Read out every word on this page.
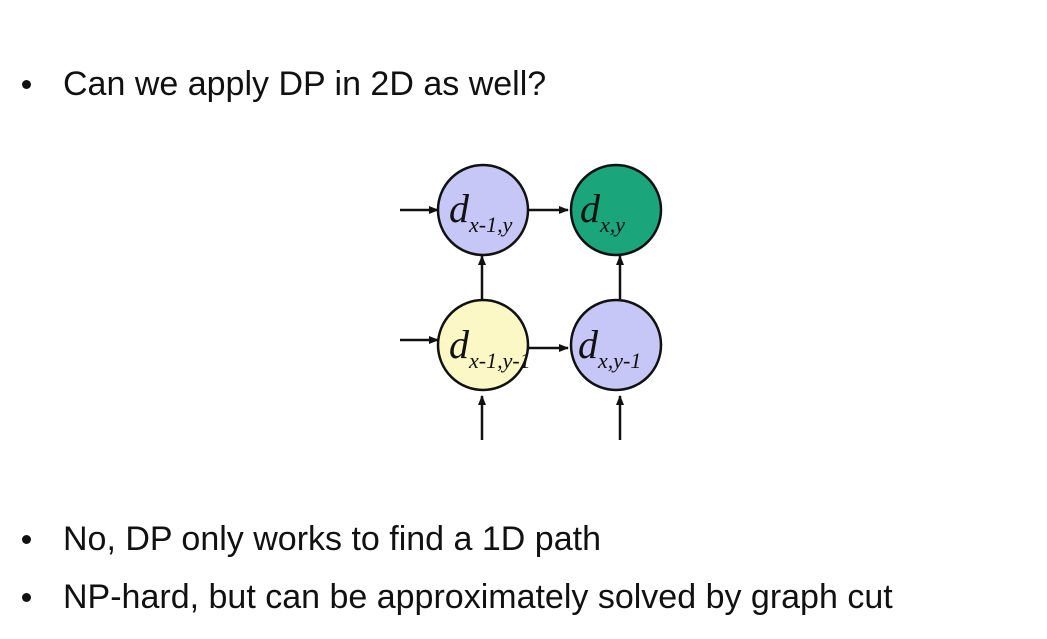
Can we apply DP in 2D as well?
dx-1,y dx,y
dx-1,y-1 dx,y-1
No, DP only works to find a 1D path
NP-hard, but can be approximately solved by graph cut
